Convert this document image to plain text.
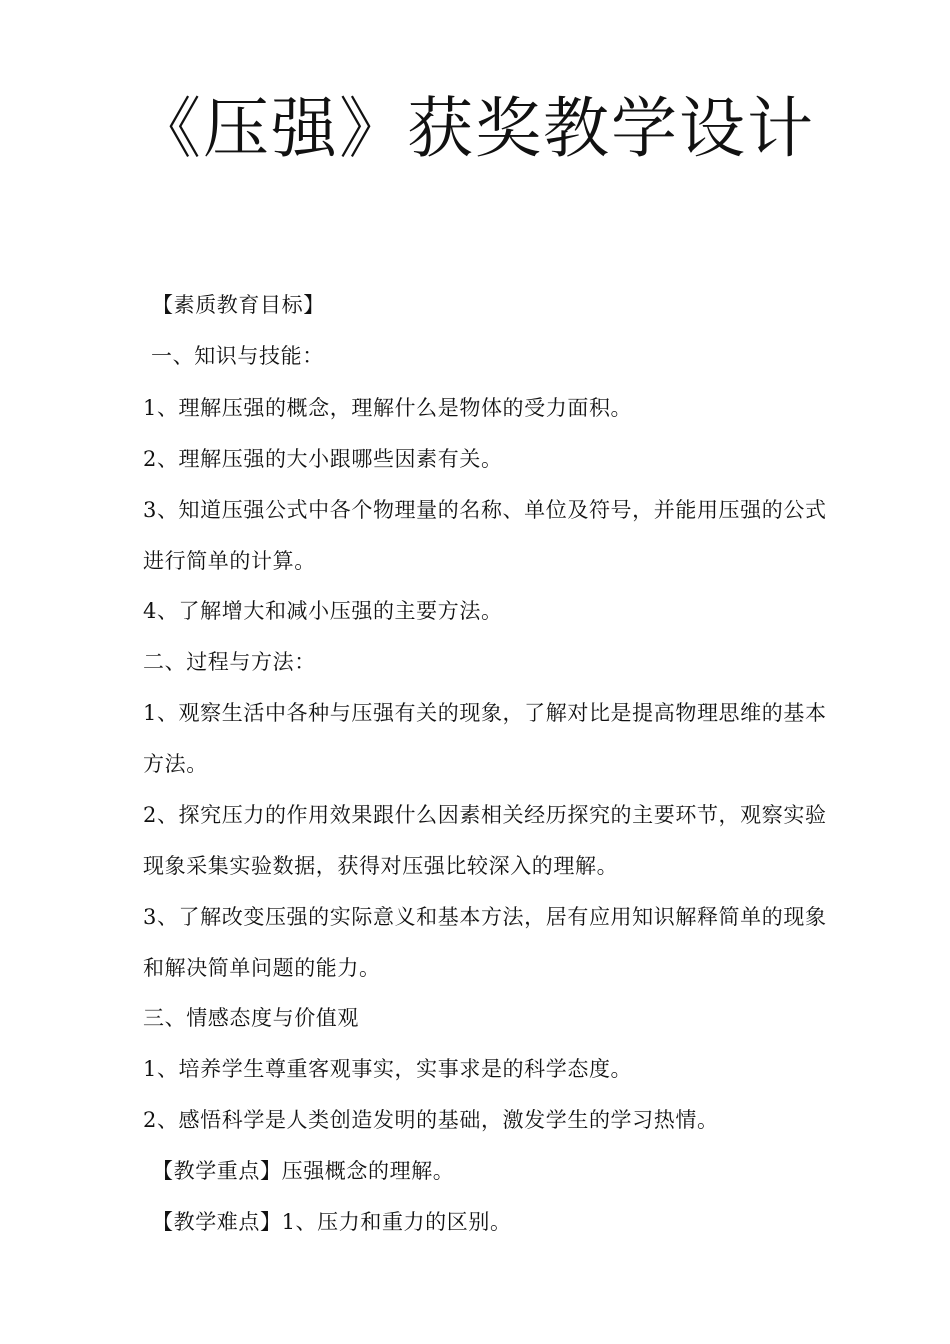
《压强》获奖教学设计
【素质教育目标】
一、知识与技能：
1、理解压强的概念，理解什么是物体的受力面积。
2、理解压强的大小跟哪些因素有关。
3、知道压强公式中各个物理量的名称、单位及符号，并能用压强的公式
进行简单的计算。
4、了解增大和减小压强的主要方法。
二、过程与方法：
1、观察生活中各种与压强有关的现象，了解对比是提高物理思维的基本
方法。
2、探究压力的作用效果跟什么因素相关经历探究的主要环节，观察实验
现象采集实验数据，获得对压强比较深入的理解。
3、了解改变压强的实际意义和基本方法，居有应用知识解释简单的现象
和解决简单问题的能力。
三、情感态度与价值观
1、培养学生尊重客观事实，实事求是的科学态度。
2、感悟科学是人类创造发明的基础，激发学生的学习热情。
【教学重点】压强概念的理解。
【教学难点】1、压力和重力的区别。
